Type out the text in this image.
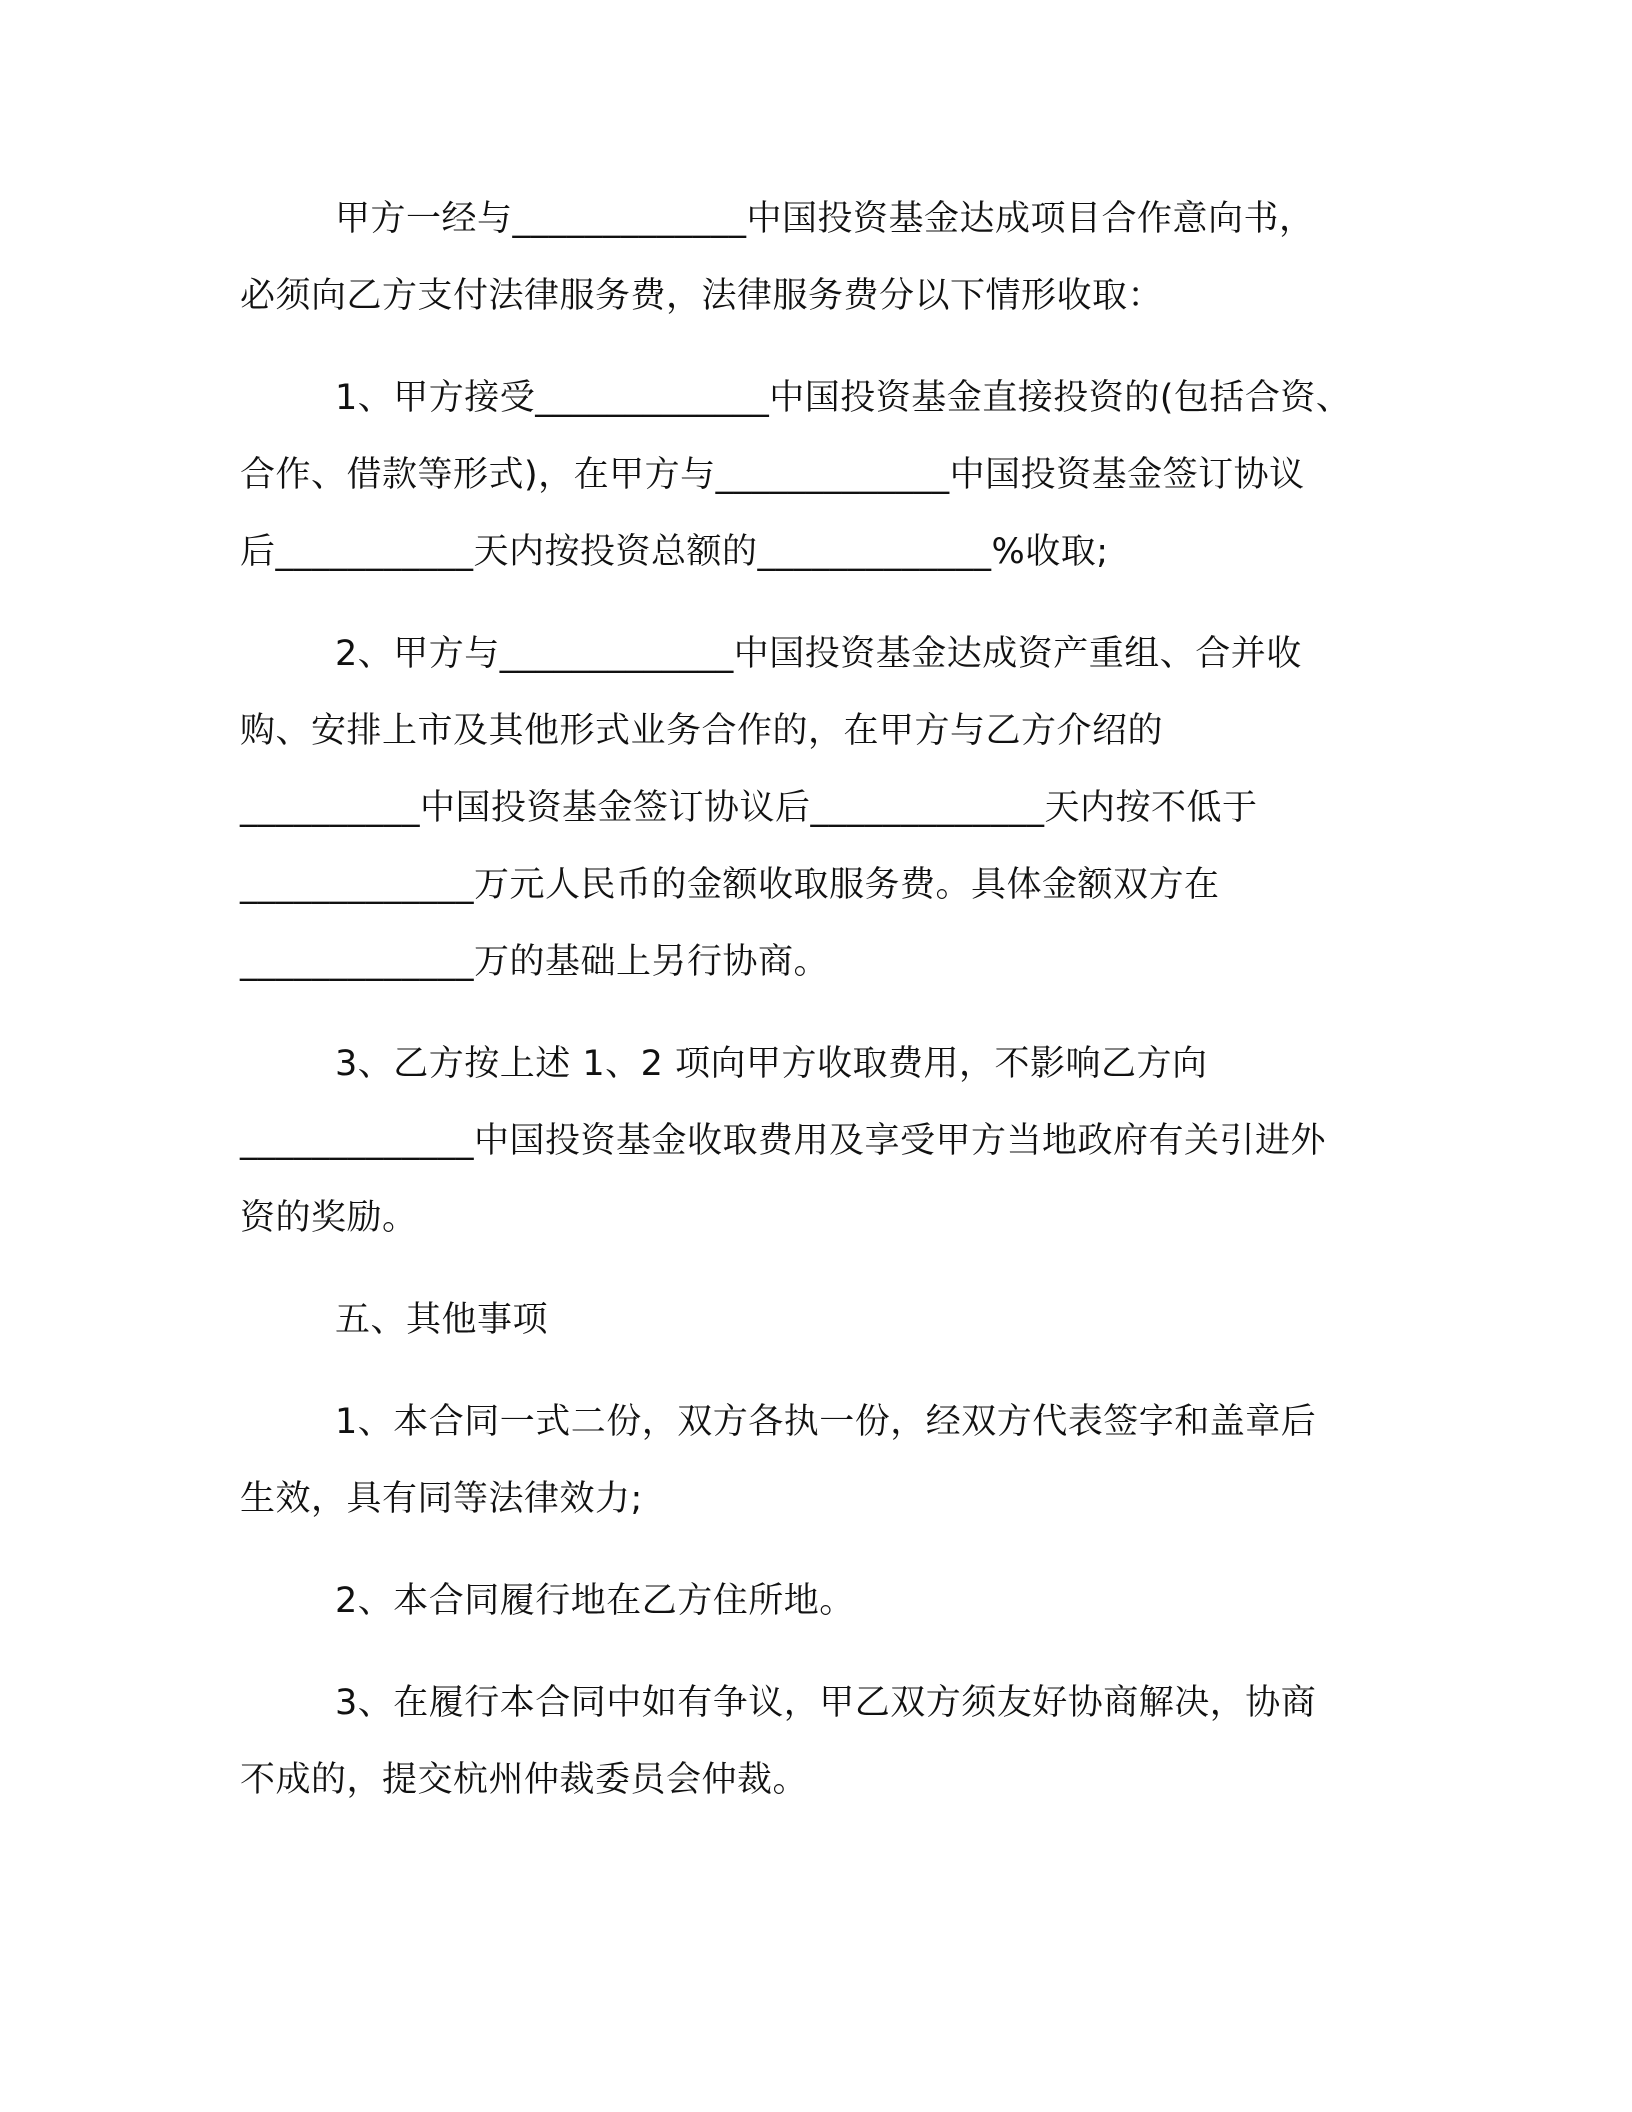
甲方一经与_____________中国投资基金达成项目合作意向书，
必须向乙方支付法律服务费，法律服务费分以下情形收取：
1、甲方接受_____________中国投资基金直接投资的(包括合资、
合作、借款等形式)，在甲方与_____________中国投资基金签订协议
后___________天内按投资总额的_____________%收取;
2、甲方与_____________中国投资基金达成资产重组、合并收
购、安排上市及其他形式业务合作的，在甲方与乙方介绍的
__________中国投资基金签订协议后_____________天内按不低于
_____________万元人民币的金额收取服务费。具体金额双方在
_____________万的基础上另行协商。
3、乙方按上述 1、2 项向甲方收取费用，不影响乙方向
_____________中国投资基金收取费用及享受甲方当地政府有关引进外
资的奖励。
五、其他事项
1、本合同一式二份，双方各执一份，经双方代表签字和盖章后
生效，具有同等法律效力;
2、本合同履行地在乙方住所地。
3、在履行本合同中如有争议，甲乙双方须友好协商解决，协商
不成的，提交杭州仲裁委员会仲裁。
